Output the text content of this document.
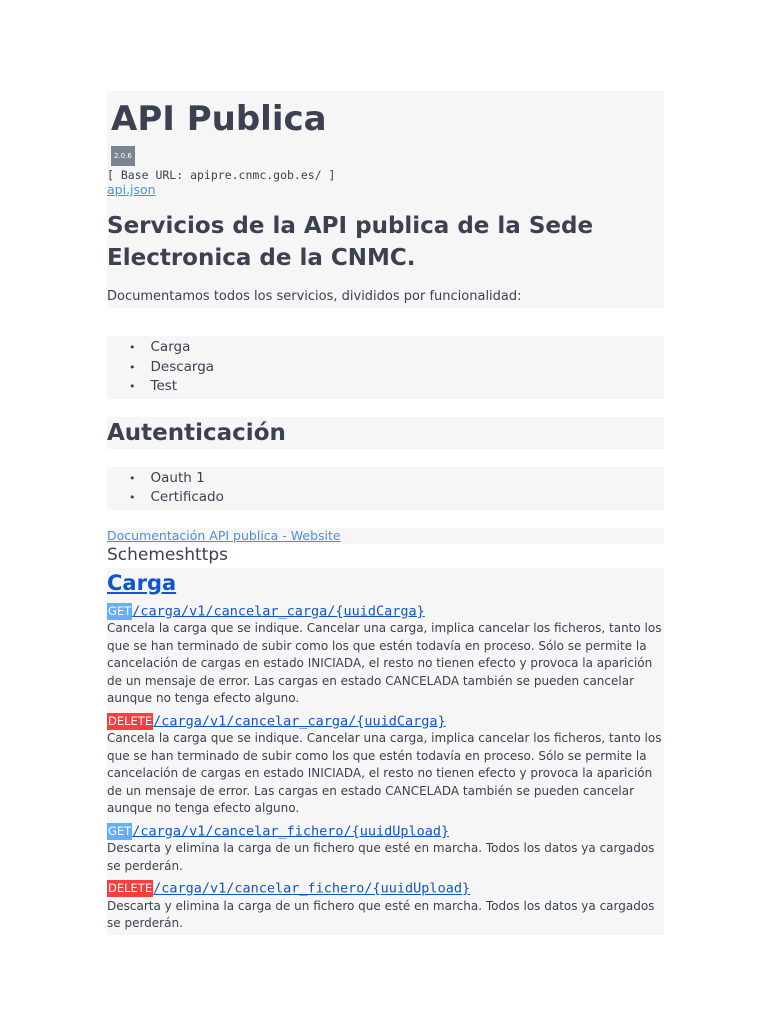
API Publica
2.0.6
[ Base URL: apipre.cnmc.gob.es/ ]
api.json
Servicios de la API publica de la Sede Electronica de la CNMC.
Documentamos todos los servicios, divididos por funcionalidad:
• Carga
• Descarga
• Test
Autenticación
• Oauth 1
• Certificado
Documentación API publica - Website
Schemeshttps
Carga
GET/carga/v1/cancelar_carga/{uuidCarga}
Cancela la carga que se indique. Cancelar una carga, implica cancelar los ficheros, tanto los que se han terminado de subir como los que estén todavía en proceso. Sólo se permite la cancelación de cargas en estado INICIADA, el resto no tienen efecto y provoca la aparición de un mensaje de error. Las cargas en estado CANCELADA también se pueden cancelar aunque no tenga efecto alguno.
DELETE/carga/v1/cancelar_carga/{uuidCarga}
Cancela la carga que se indique. Cancelar una carga, implica cancelar los ficheros, tanto los que se han terminado de subir como los que estén todavía en proceso. Sólo se permite la cancelación de cargas en estado INICIADA, el resto no tienen efecto y provoca la aparición de un mensaje de error. Las cargas en estado CANCELADA también se pueden cancelar aunque no tenga efecto alguno.
GET/carga/v1/cancelar_fichero/{uuidUpload}
Descarta y elimina la carga de un fichero que esté en marcha. Todos los datos ya cargados se perderán.
DELETE/carga/v1/cancelar_fichero/{uuidUpload}
Descarta y elimina la carga de un fichero que esté en marcha. Todos los datos ya cargados se perderán.
